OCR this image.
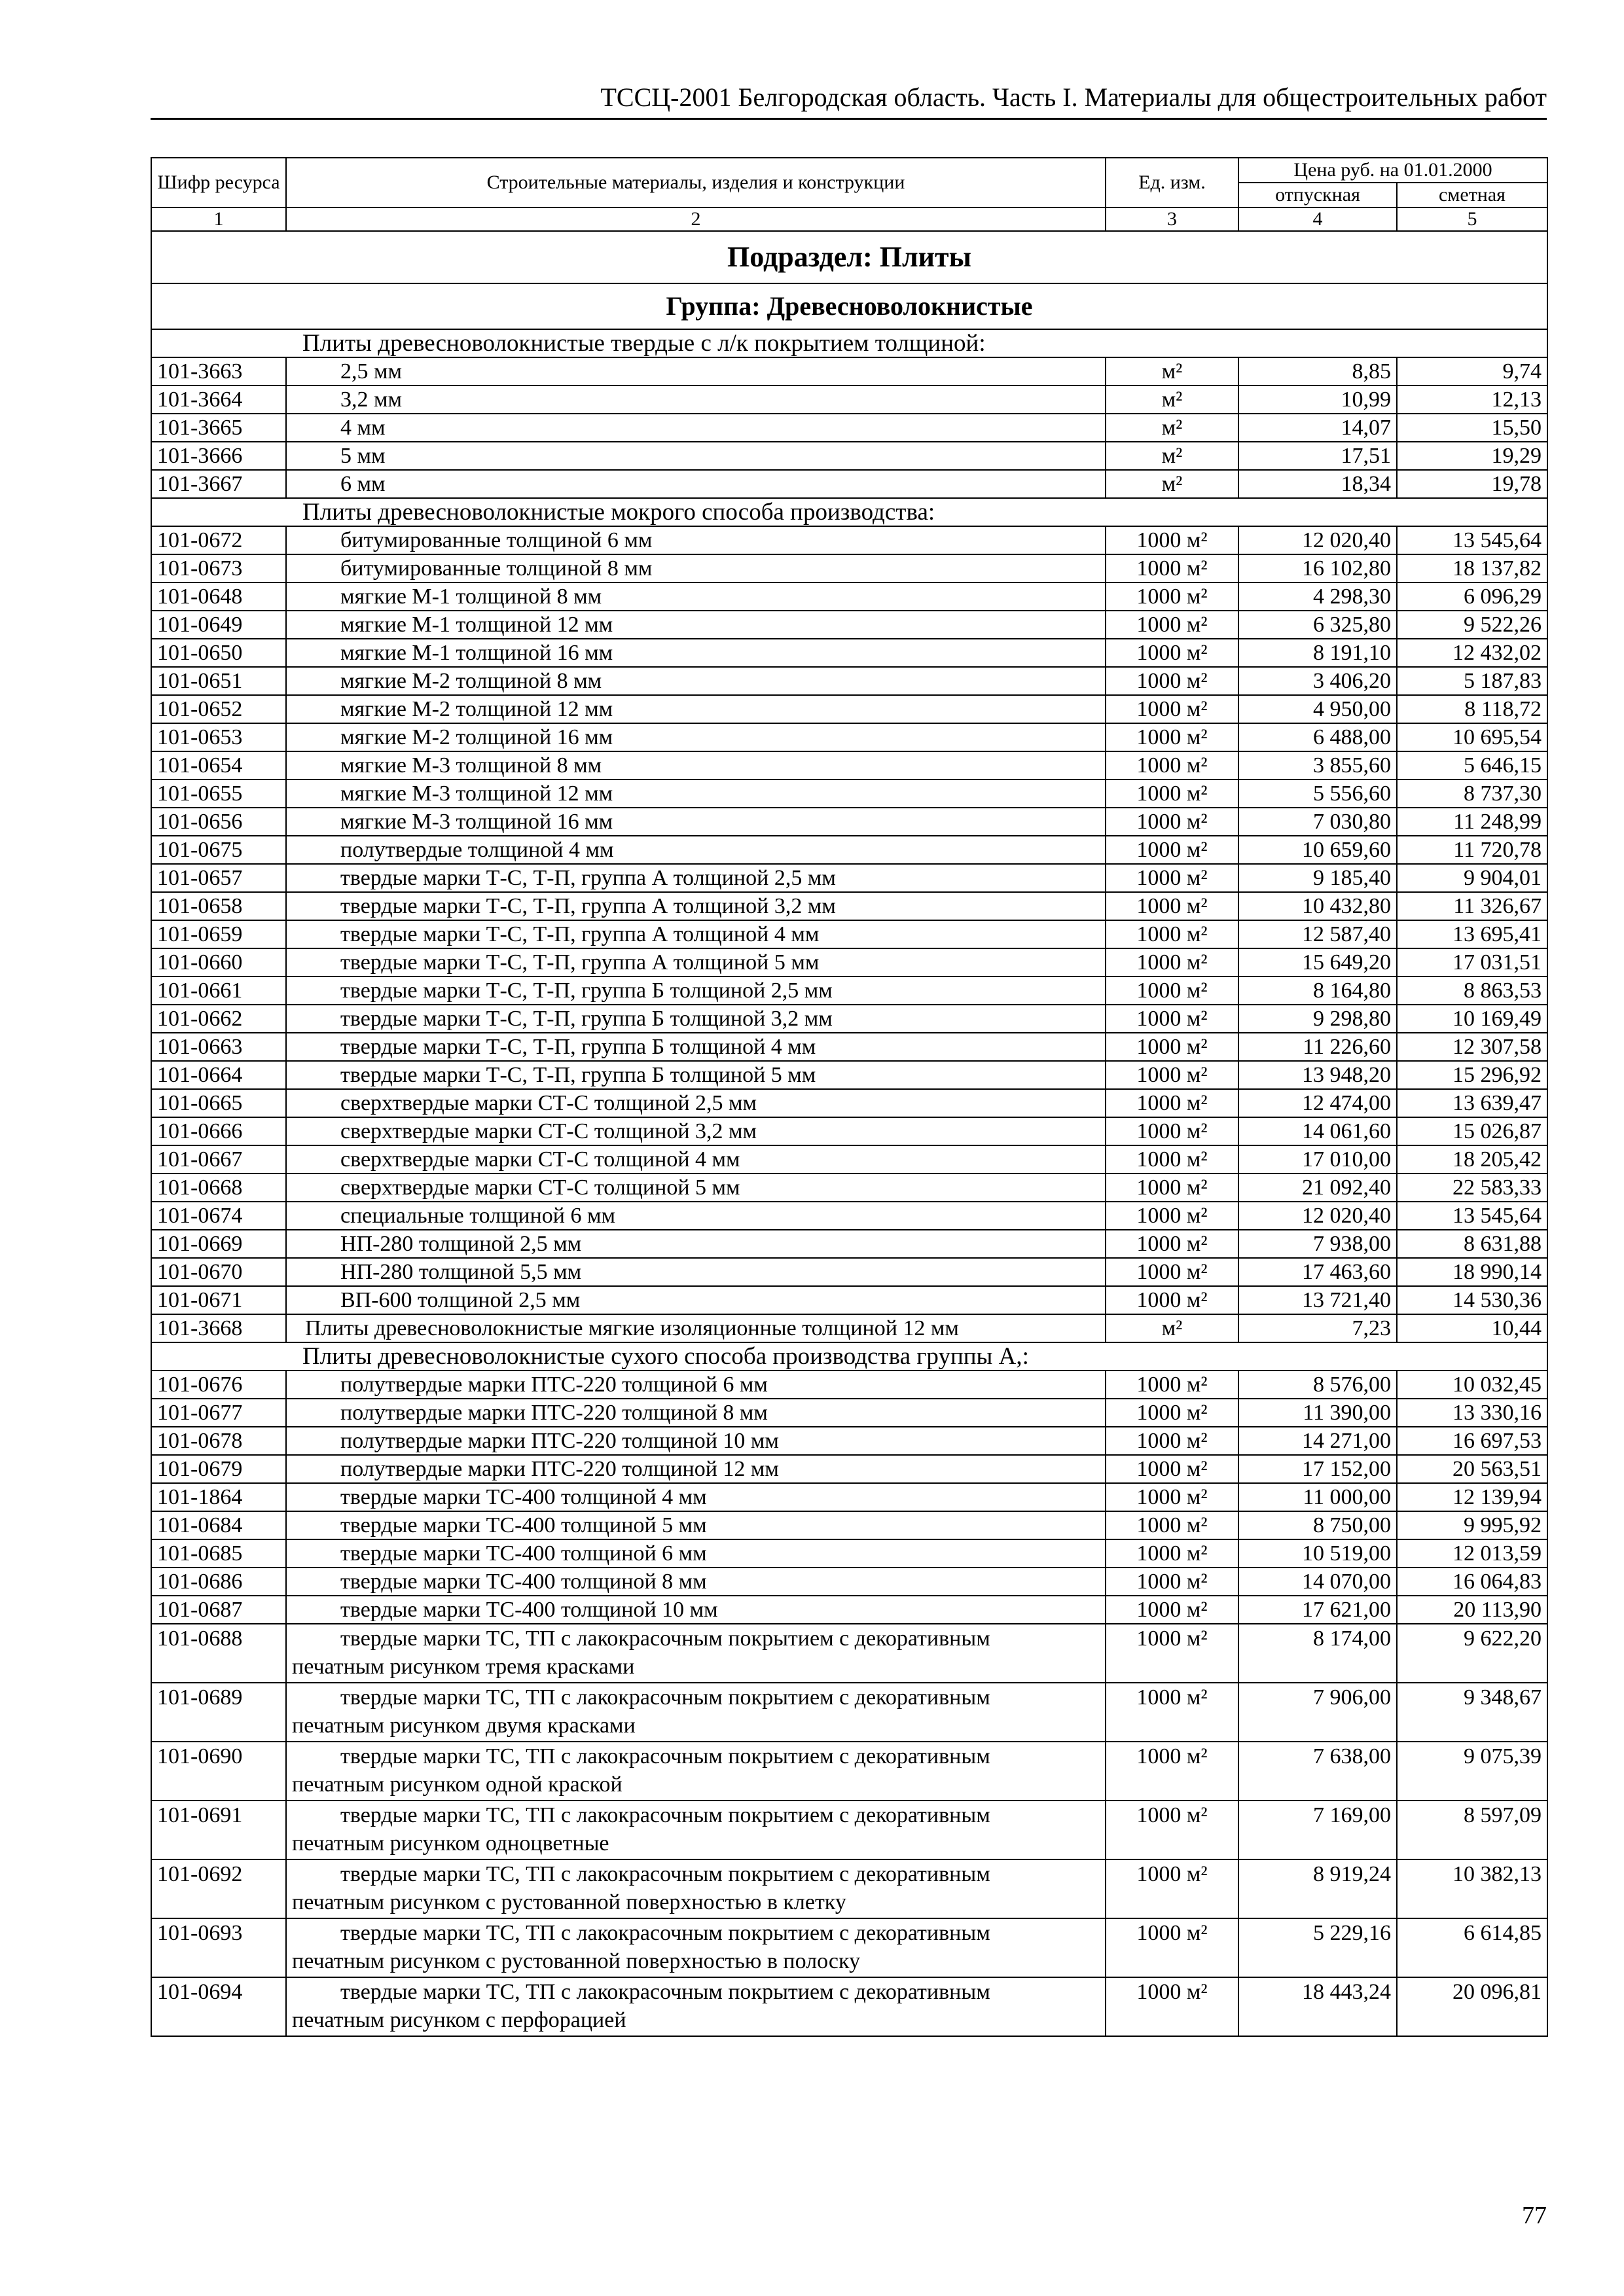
ТССЦ-2001 Белгородская область. Часть I. Материалы для общестроительных работ
Шифр ресурса	Строительные материалы, изделия и конструкции	Ед. изм.	Цена руб. на 01.01.2000	
			отпускная	сметная
1	2	3	4	5
Подраздел: Плиты				
Группа: Древесноволокнистые				
Плиты древесноволокнистые твердые с л/к покрытием толщиной:				
101-3663	2,5 мм	м²	8,85	9,74
101-3664	3,2 мм	м²	10,99	12,13
101-3665	4 мм	м²	14,07	15,50
101-3666	5 мм	м²	17,51	19,29
101-3667	6 мм	м²	18,34	19,78
Плиты древесноволокнистые мокрого способа производства:				
101-0672	битумированные толщиной 6 мм	1000 м²	12 020,40	13 545,64
101-0673	битумированные толщиной 8 мм	1000 м²	16 102,80	18 137,82
101-0648	мягкие М-1 толщиной 8 мм	1000 м²	4 298,30	6 096,29
101-0649	мягкие М-1 толщиной 12 мм	1000 м²	6 325,80	9 522,26
101-0650	мягкие М-1 толщиной 16 мм	1000 м²	8 191,10	12 432,02
101-0651	мягкие М-2 толщиной 8 мм	1000 м²	3 406,20	5 187,83
101-0652	мягкие М-2 толщиной 12 мм	1000 м²	4 950,00	8 118,72
101-0653	мягкие М-2 толщиной 16 мм	1000 м²	6 488,00	10 695,54
101-0654	мягкие М-3 толщиной 8 мм	1000 м²	3 855,60	5 646,15
101-0655	мягкие М-3 толщиной 12 мм	1000 м²	5 556,60	8 737,30
101-0656	мягкие М-3 толщиной 16 мм	1000 м²	7 030,80	11 248,99
101-0675	полутвердые толщиной 4 мм	1000 м²	10 659,60	11 720,78
101-0657	твердые марки Т-С, Т-П, группа А толщиной 2,5 мм	1000 м²	9 185,40	9 904,01
101-0658	твердые марки Т-С, Т-П, группа А толщиной 3,2 мм	1000 м²	10 432,80	11 326,67
101-0659	твердые марки Т-С, Т-П, группа А толщиной 4 мм	1000 м²	12 587,40	13 695,41
101-0660	твердые марки Т-С, Т-П, группа А толщиной 5 мм	1000 м²	15 649,20	17 031,51
101-0661	твердые марки Т-С, Т-П, группа Б толщиной 2,5 мм	1000 м²	8 164,80	8 863,53
101-0662	твердые марки Т-С, Т-П, группа Б толщиной 3,2 мм	1000 м²	9 298,80	10 169,49
101-0663	твердые марки Т-С, Т-П, группа Б толщиной 4 мм	1000 м²	11 226,60	12 307,58
101-0664	твердые марки Т-С, Т-П, группа Б толщиной 5 мм	1000 м²	13 948,20	15 296,92
101-0665	сверхтвердые марки СТ-С толщиной 2,5 мм	1000 м²	12 474,00	13 639,47
101-0666	сверхтвердые марки СТ-С толщиной 3,2 мм	1000 м²	14 061,60	15 026,87
101-0667	сверхтвердые марки СТ-С толщиной 4 мм	1000 м²	17 010,00	18 205,42
101-0668	сверхтвердые марки СТ-С толщиной 5 мм	1000 м²	21 092,40	22 583,33
101-0674	специальные толщиной 6 мм	1000 м²	12 020,40	13 545,64
101-0669	НП-280 толщиной 2,5 мм	1000 м²	7 938,00	8 631,88
101-0670	НП-280 толщиной 5,5 мм	1000 м²	17 463,60	18 990,14
101-0671	ВП-600 толщиной 2,5 мм	1000 м²	13 721,40	14 530,36
101-3668	Плиты древесноволокнистые мягкие изоляционные толщиной 12 мм	м²	7,23	10,44
Плиты древесноволокнистые сухого способа производства группы А,:				
101-0676	полутвердые марки ПТС-220 толщиной 6 мм	1000 м²	8 576,00	10 032,45
101-0677	полутвердые марки ПТС-220 толщиной 8 мм	1000 м²	11 390,00	13 330,16
101-0678	полутвердые марки ПТС-220 толщиной 10 мм	1000 м²	14 271,00	16 697,53
101-0679	полутвердые марки ПТС-220 толщиной 12 мм	1000 м²	17 152,00	20 563,51
101-1864	твердые марки ТС-400 толщиной 4 мм	1000 м²	11 000,00	12 139,94
101-0684	твердые марки ТС-400 толщиной 5 мм	1000 м²	8 750,00	9 995,92
101-0685	твердые марки ТС-400 толщиной 6 мм	1000 м²	10 519,00	12 013,59
101-0686	твердые марки ТС-400 толщиной 8 мм	1000 м²	14 070,00	16 064,83
101-0687	твердые марки ТС-400 толщиной 10 мм	1000 м²	17 621,00	20 113,90
101-0688	твердые марки ТС, ТП с лакокрасочным покрытием с декоративным
печатным рисунком тремя красками	1000 м²	8 174,00	9 622,20
101-0689	твердые марки ТС, ТП с лакокрасочным покрытием с декоративным
печатным рисунком двумя красками	1000 м²	7 906,00	9 348,67
101-0690	твердые марки ТС, ТП с лакокрасочным покрытием с декоративным
печатным рисунком одной краской	1000 м²	7 638,00	9 075,39
101-0691	твердые марки ТС, ТП с лакокрасочным покрытием с декоративным
печатным рисунком одноцветные	1000 м²	7 169,00	8 597,09
101-0692	твердые марки ТС, ТП с лакокрасочным покрытием с декоративным
печатным рисунком с рустованной поверхностью в клетку	1000 м²	8 919,24	10 382,13
101-0693	твердые марки ТС, ТП с лакокрасочным покрытием с декоративным
печатным рисунком с рустованной поверхностью в полоску	1000 м²	5 229,16	6 614,85
101-0694	твердые марки ТС, ТП с лакокрасочным покрытием с декоративным
печатным рисунком с перфорацией	1000 м²	18 443,24	20 096,81
77
